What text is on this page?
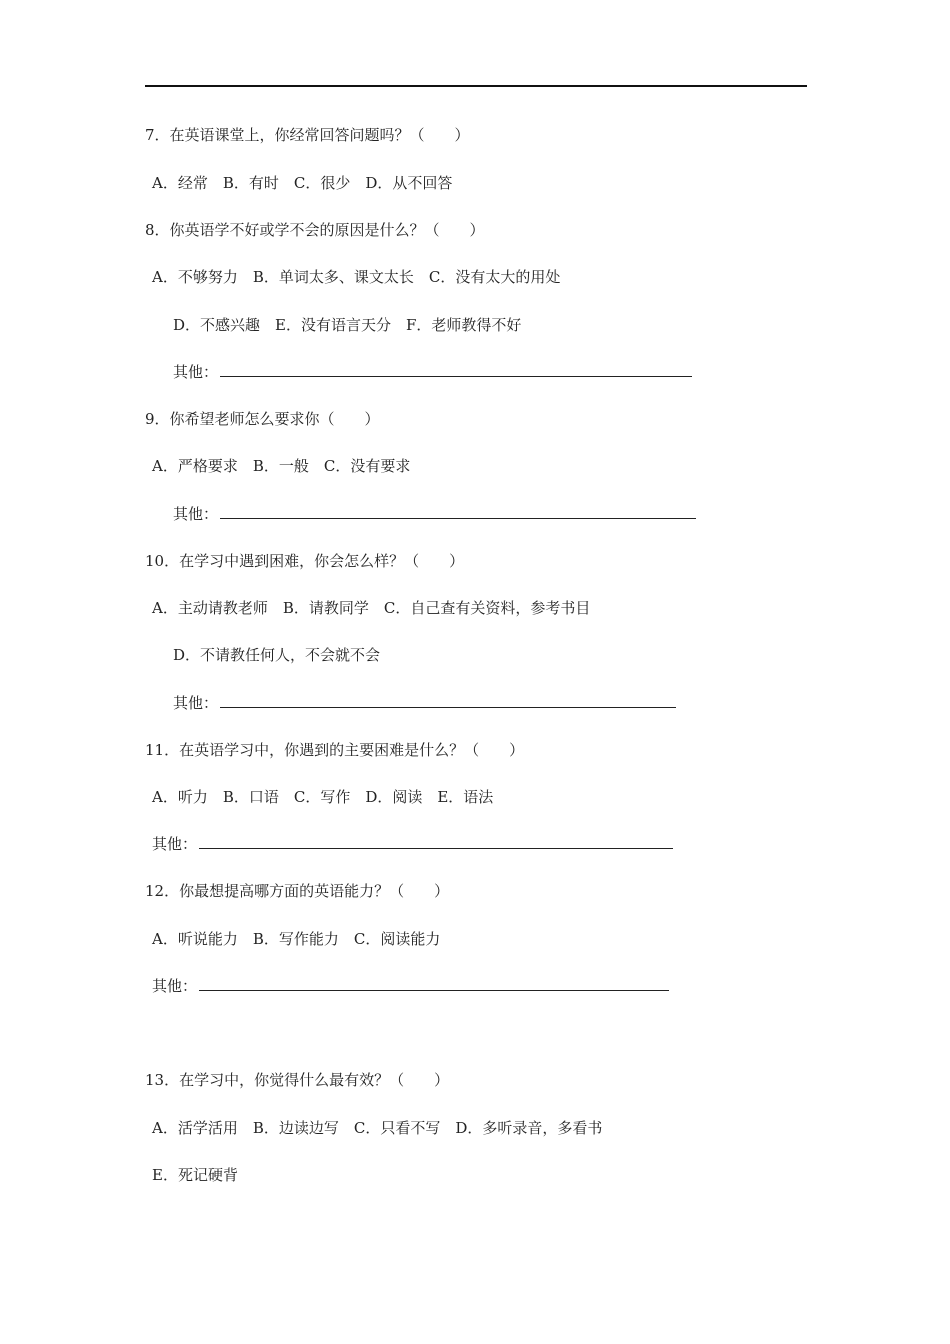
7．在英语课堂上，你经常回答问题吗？（　　）
A．经常　B．有时　C．很少　D．从不回答
8．你英语学不好或学不会的原因是什么？（　　）
A．不够努力　B．单词太多、课文太长　C．没有太大的用处
D．不感兴趣　E．没有语言天分　F．老师教得不好
其他：
9．你希望老师怎么要求你（　　）
A．严格要求　B．一般　C．没有要求
其他：
10．在学习中遇到困难，你会怎么样？（　　）
A．主动请教老师　B．请教同学　C．自己查有关资料，参考书目
D．不请教任何人，不会就不会
其他：
11．在英语学习中，你遇到的主要困难是什么？（　　）
A．听力　B．口语　C．写作　D．阅读　E．语法
其他：
12．你最想提高哪方面的英语能力？（　　）
A．听说能力　B．写作能力　C．阅读能力
其他：
13．在学习中，你觉得什么最有效？（　　）
A．活学活用　B．边读边写　C．只看不写　D．多听录音，多看书
E．死记硬背
